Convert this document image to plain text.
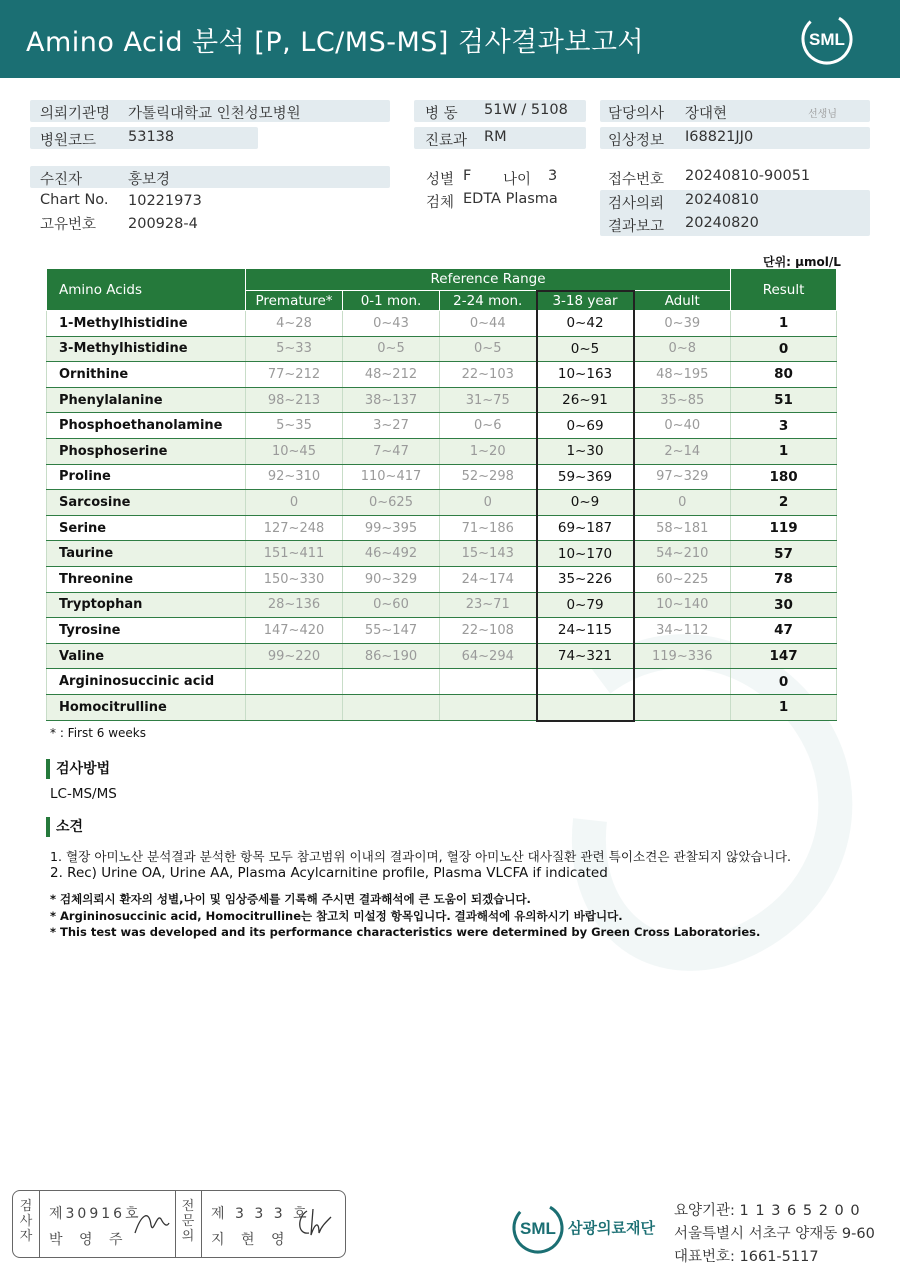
Amino Acid 분석 [P, LC/MS-MS] 검사결과보고서	SML
의뢰기관명 가톨릭대학교 인천성모병원
병원코드 53138
병 동 51W / 5108
진료과 RM
담당의사 장대현	선생님
임상정보 I68821JJ0
수진자	홍보경
Chart No. 10221973
고유번호 200928-4
성별 F 나이 3
검체 EDTA Plasma
접수번호 20240810-90051
검사의뢰 20240810
결과보고 20240820
단위: μmol/L
Amino Acids	Reference Range					Result
	Premature*	0-1 mon.	2-24 mon.	3-18 year	Adult	
1-Methylhistidine	4~28	0~43	0~44	0~42	0~39	1
3-Methylhistidine	5~33	0~5	0~5	0~5	0~8	0
Ornithine	77~212	48~212	22~103	10~163	48~195	80
Phenylalanine	98~213	38~137	31~75	26~91	35~85	51
Phosphoethanolamine	5~35	3~27	0~6	0~69	0~40	3
Phosphoserine	10~45	7~47	1~20	1~30	2~14	1
Proline	92~310	110~417	52~298	59~369	97~329	180
Sarcosine	0	0~625	0	0~9	0	2
Serine	127~248	99~395	71~186	69~187	58~181	119
Taurine	151~411	46~492	15~143	10~170	54~210	57
Threonine	150~330	90~329	24~174	35~226	60~225	78
Tryptophan	28~136	0~60	23~71	0~79	10~140	30
Tyrosine	147~420	55~147	22~108	24~115	34~112	47
Valine	99~220	86~190	64~294	74~321	119~336	147
Argininosuccinic acid						0
Homocitrulline						1
* : First 6 weeks
검사방법
LC-MS/MS
소견
1. 혈장 아미노산 분석결과 분석한 항목 모두 참고범위 이내의 결과이며, 혈장 아미노산 대사질환 관련 특이소견은 관찰되지 않았습니다.
2. Rec) Urine OA, Urine AA, Plasma Acylcarnitine profile, Plasma VLCFA if indicated
* 검체의뢰시 환자의 성별,나이 및 임상증세를 기록해 주시면 결과해석에 큰 도움이 되겠습니다.
* Argininosuccinic acid, Homocitrulline는 참고치 미설정 항목입니다. 결과해석에 유의하시기 바랍니다.
* This test was developed and its performance characteristics were determined by Green Cross Laboratories.
검
사
자
제30916호
박 영 주
전
문
의
제 3 3 3 호
지 현 영
SML 삼광의료재단
요양기관: 1 1 3 6 5 2 0 0
서울특별시 서초구 양재동 9-60
대표번호: 1661-5117
